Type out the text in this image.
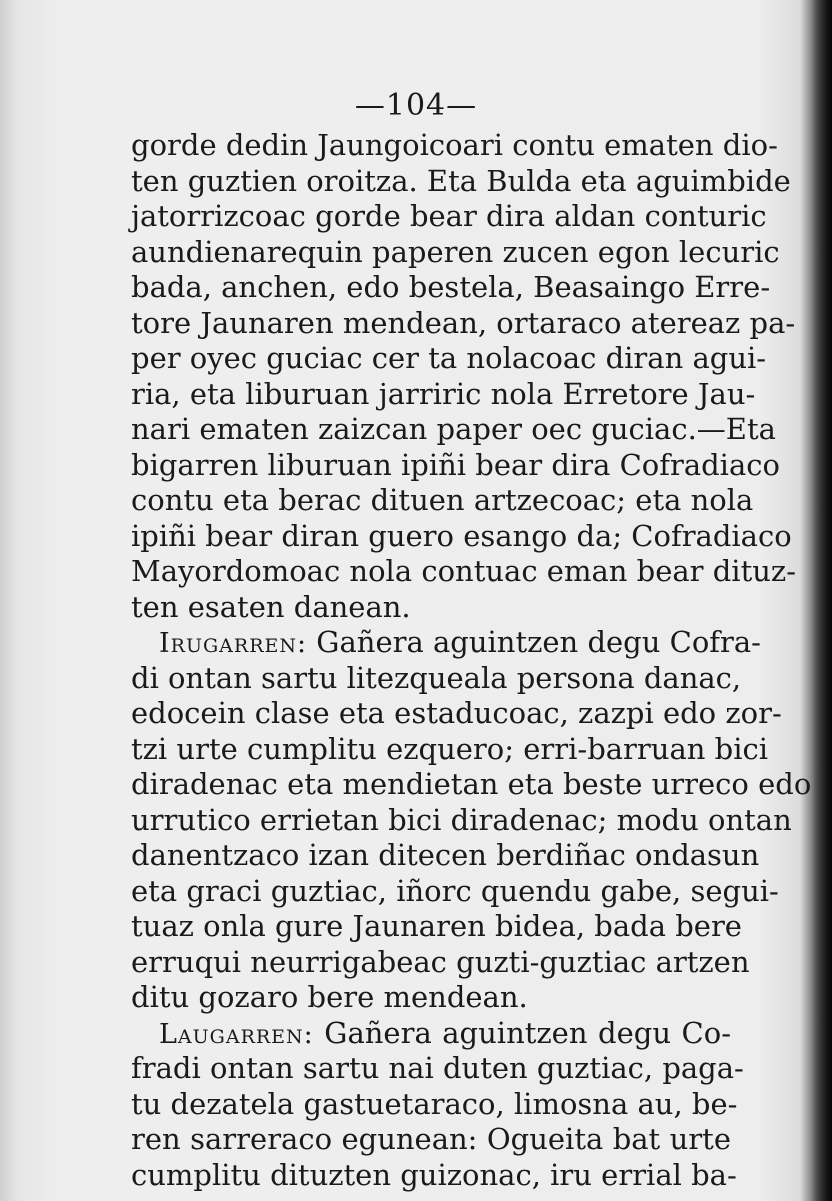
—104—
gorde dedin Jaungoicoari contu ematen dio-
ten guztien oroitza. Eta Bulda eta aguimbide
jatorrizcoac gorde bear dira aldan conturic
aundienarequin paperen zucen egon lecuric
bada, anchen, edo bestela, Beasaingo Erre-
tore Jaunaren mendean, ortaraco atereaz pa-
per oyec guciac cer ta nolacoac diran agui-
ria, eta liburuan jarriric nola Erretore Jau-
nari ematen zaizcan paper oec guciac.—Eta
bigarren liburuan ipiñi bear dira Cofradiaco
contu eta berac dituen artzecoac; eta nola
ipiñi bear diran guero esango da; Cofradiaco
Mayordomoac nola contuac eman bear dituz-
ten esaten danean.
Irugarren: Gañera aguintzen degu Cofra-
di ontan sartu litezqueala persona danac,
edocein clase eta estaducoac, zazpi edo zor-
tzi urte cumplitu ezquero; erri-barruan bici
diradenac eta mendietan eta beste urreco edo
urrutico errietan bici diradenac; modu ontan
danentzaco izan ditecen berdiñac ondasun
eta graci guztiac, iñorc quendu gabe, segui-
tuaz onla gure Jaunaren bidea, bada bere
erruqui neurrigabeac guzti-guztiac artzen
ditu gozaro bere mendean.
Laugarren: Gañera aguintzen degu Co-
fradi ontan sartu nai duten guztiac, paga-
tu dezatela gastuetaraco, limosna au, be-
ren sarreraco egunean: Ogueita bat urte
cumplitu dituzten guizonac, iru errial ba-
